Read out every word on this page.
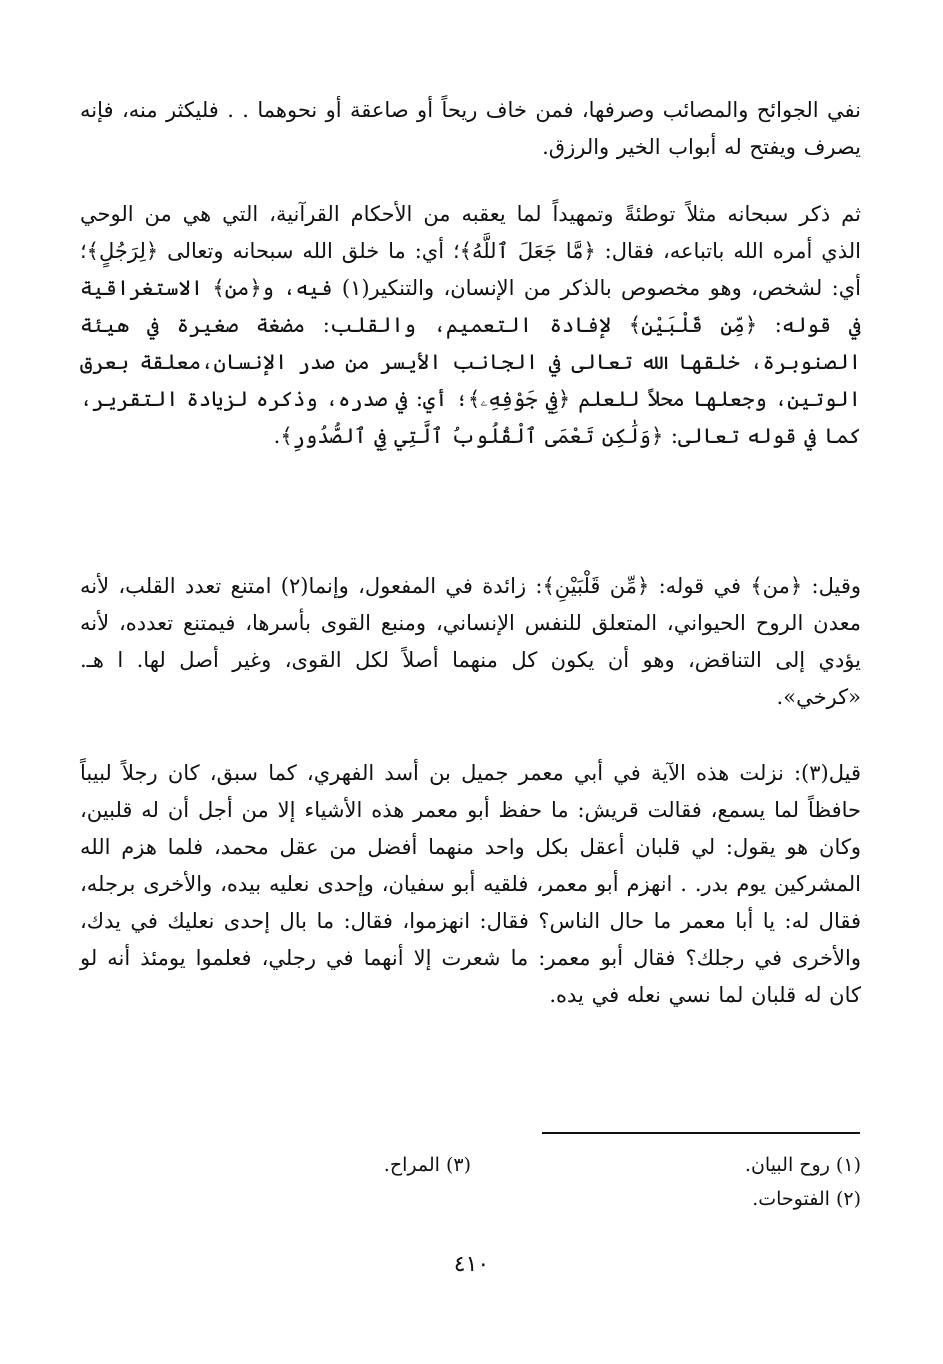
نفي الجوائح والمصائب وصرفها، فمن خاف ريحاً أو صاعقة أو نحوهما . . فليكثر منه، فإنه يصرف ويفتح له أبواب الخير والرزق.

ثم ذكر سبحانه مثلاً توطئةً وتمهيداً لما يعقبه من الأحكام القرآنية، التي هي من الوحي الذي أمره الله باتباعه، فقال: ﴿مَّا جَعَلَ ٱللَّهُ﴾؛ أي: ما خلق الله سبحانه وتعالى ﴿لِرَجُلٍ﴾؛ أي: لشخص، وهو مخصوص بالذكر من الإنسان، والتنكير(١) فيه، و﴿من﴾ الاستغراقية في قوله: ﴿مِّن قَلْبَيْنِ﴾ لإفادة التعميم، والقلب: مضغة صغيرة في هيئة الصنوبرة، خلقها الله تعالى في الجانب الأيسر من صدر الإنسان،معلقة بعرق الوتين، وجعلها محلاً للعلم ﴿فِي جَوْفِهِۦ﴾؛ أي: في صدره، وذكره لزيادة التقرير، كما في قوله تعالى: ﴿وَلَٰكِن تَعْمَى ٱلْقُلُوبُ ٱلَّتِي فِي ٱلصُّدُورِ﴾.

وقيل: ﴿من﴾ في قوله: ﴿مِّن قَلْبَيْنِ﴾: زائدة في المفعول، وإنما(٢) امتنع تعدد القلب، لأنه معدن الروح الحيواني، المتعلق للنفس الإنساني، ومنبع القوى بأسرها، فيمتنع تعدده، لأنه يؤدي إلى التناقض، وهو أن يكون كل منهما أصلاً لكل القوى، وغير أصل لها. ا هـ. «كرخي».

قيل(٣): نزلت هذه الآية في أبي معمر جميل بن أسد الفهري، كما سبق، كان رجلاً لبيباً حافظاً لما يسمع، فقالت قريش: ما حفظ أبو معمر هذه الأشياء إلا من أجل أن له قلبين، وكان هو يقول: لي قلبان أعقل بكل واحد منهما أفضل من عقل محمد، فلما هزم الله المشركين يوم بدر. . انهزم أبو معمر، فلقيه أبو سفيان، وإحدى نعليه بيده، والأخرى برجله، فقال له: يا أبا معمر ما حال الناس؟ فقال: انهزموا، فقال: ما بال إحدى نعليك في يدك، والأخرى في رجلك؟ فقال أبو معمر: ما شعرت إلا أنهما في رجلي، فعلموا يومئذ أنه لو كان له قلبان لما نسي نعله في يده.

(١) روح البيان.
(٣) المراح.
(٢) الفتوحات.
٤١٠
